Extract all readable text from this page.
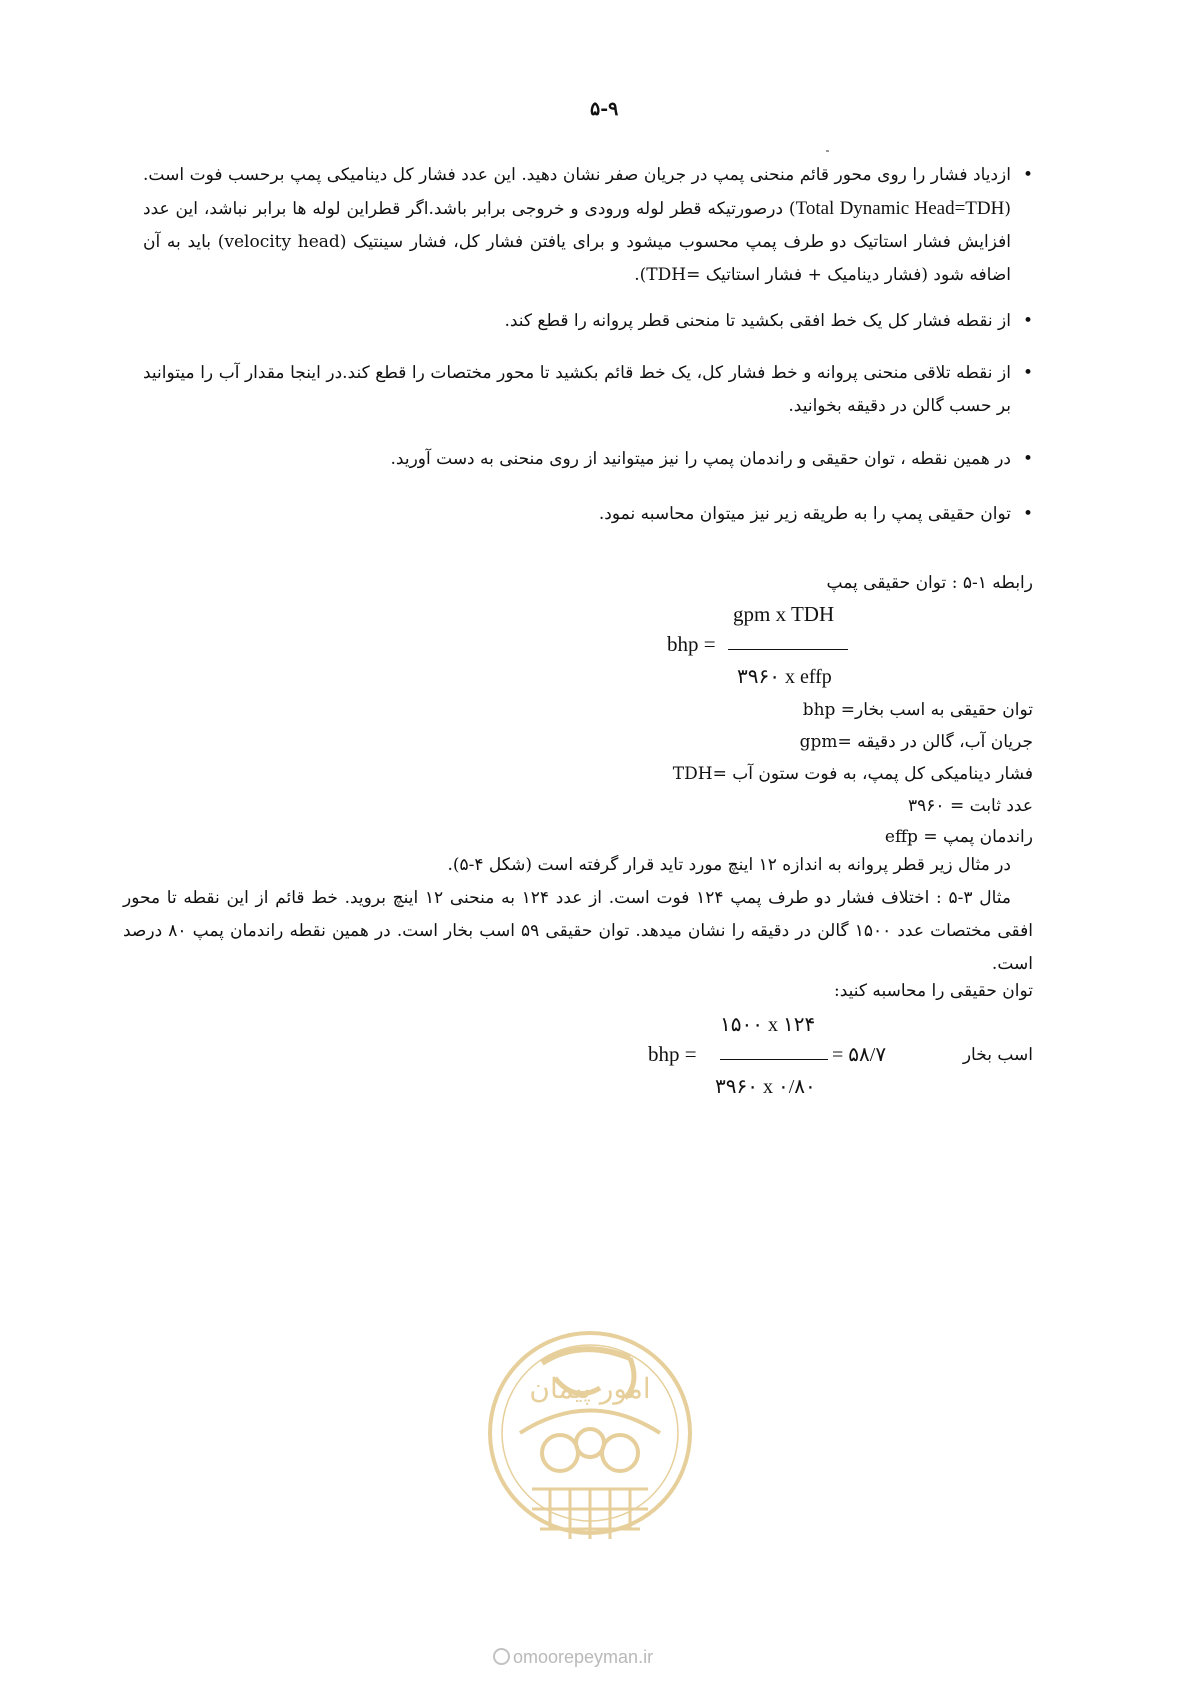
۵-۹

• ازدیاد فشار را روی محور قائم منحنی پمپ در جریان صفر نشان دهید. این عدد فشار کل دینامیکی پمپ برحسب فوت است.(Total Dynamic Head=TDH) درصورتیکه قطر لوله ورودی و خروجی برابر باشد.اگر قطراین لوله ها برابر نباشد، این عدد افزایش فشار استاتیک دو طرف پمپ محسوب میشود و برای یافتن فشار کل، فشار سینتیک (velocity head) باید به آن اضافه شود (فشار دینامیک + فشار استاتیک =TDH).

• از نقطه فشار کل یک خط افقی بکشید تا منحنی قطر پروانه را قطع کند.

• از نقطه تلاقی منحنی پروانه و خط فشار کل، یک خط قائم بکشید تا محور مختصات را قطع کند.در اینجا مقدار آب را میتوانید بر حسب گالن در دقیقه بخوانید.

• در همین نقطه ، توان حقیقی و راندمان پمپ را نیز میتوانید از روی منحنی به دست آورید.

• توان حقیقی پمپ را به طریقه زیر نیز میتوان محاسبه نمود.

رابطه ۱-۵ : توان حقیقی پمپ
gpm x TDH
bhp =
۳۹۶۰ x effp
توان حقیقی به اسب بخار= bhp
جریان آب، گالن در دقیقه =gpm
فشار دینامیکی کل پمپ، به فوت ستون آب =TDH
عدد ثابت = ۳۹۶۰
راندمان پمپ = effp
در مثال زیر قطر پروانه به اندازه ۱۲ اینچ مورد تاید قرار گرفته است (شکل ۴-۵).
مثال ۳-۵ : اختلاف فشار دو طرف پمپ ۱۲۴ فوت است. از عدد ۱۲۴ به منحنی ۱۲ اینچ بروید. خط قائم از این نقطه تا محور افقی مختصات عدد ۱۵۰۰ گالن در دقیقه را نشان میدهد. توان حقیقی ۵۹ اسب بخار است. در همین نقطه راندمان پمپ ۸۰ درصد است.
توان حقیقی را محاسبه کنید:
۱۵۰۰ x ۱۲۴
bhp =	= ۵۸/۷	اسب بخار
۳۹۶۰ x ۰/۸۰
امور پیمان
omoorepeyman.ir
